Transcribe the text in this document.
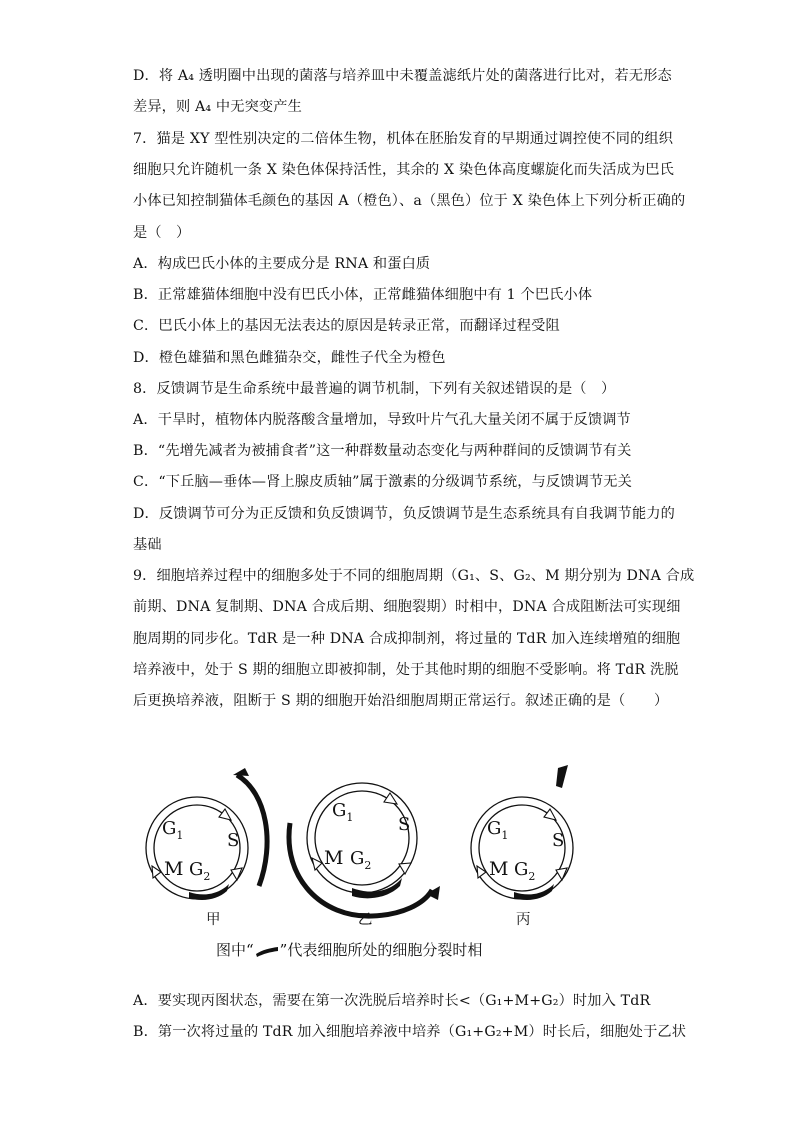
D．将 A₄ 透明圈中出现的菌落与培养皿中未覆盖滤纸片处的菌落进行比对，若无形态
差异，则 A₄ 中无突变产生
7．猫是 XY 型性别决定的二倍体生物，机体在胚胎发育的早期通过调控使不同的组织
细胞只允许随机一条 X 染色体保持活性，其余的 X 染色体高度螺旋化而失活成为巴氏
小体已知控制猫体毛颜色的基因 A（橙色）、a（黑色）位于 X 染色体上下列分析正确的
是（　）
A．构成巴氏小体的主要成分是 RNA 和蛋白质
B．正常雄猫体细胞中没有巴氏小体，正常雌猫体细胞中有 1 个巴氏小体
C．巴氏小体上的基因无法表达的原因是转录正常，而翻译过程受阻
D．橙色雄猫和黑色雌猫杂交，雌性子代全为橙色
8．反馈调节是生命系统中最普遍的调节机制，下列有关叙述错误的是（　）
A．干旱时，植物体内脱落酸含量增加，导致叶片气孔大量关闭不属于反馈调节
B．“先增先减者为被捕食者”这一种群数量动态变化与两种群间的反馈调节有关
C．“下丘脑—垂体—肾上腺皮质轴”属于激素的分级调节系统，与反馈调节无关
D．反馈调节可分为正反馈和负反馈调节，负反馈调节是生态系统具有自我调节能力的
基础
9．细胞培养过程中的细胞多处于不同的细胞周期（G₁、S、G₂、M 期分别为 DNA 合成
前期、DNA 复制期、DNA 合成后期、细胞裂期）时相中，DNA 合成阻断法可实现细
胞周期的同步化。TdR 是一种 DNA 合成抑制剂，将过量的 TdR 加入连续增殖的细胞
培养液中，处于 S 期的细胞立即被抑制，处于其他时期的细胞不受影响。将 TdR 洗脱
后更换培养液，阻断于 S 期的细胞开始沿细胞周期正常运行。叙述正确的是（　　）
$G_1$ S
M $G_2$
$G_1$ S
M $G_2$
$G_1$ S
M $G_2$
甲	乙	丙
图中“ ”代表细胞所处的细胞分裂时相
A．要实现丙图状态，需要在第一次洗脱后培养时长<（G₁+M+G₂）时加入 TdR
B．第一次将过量的 TdR 加入细胞培养液中培养（G₁+G₂+M）时长后，细胞处于乙状
